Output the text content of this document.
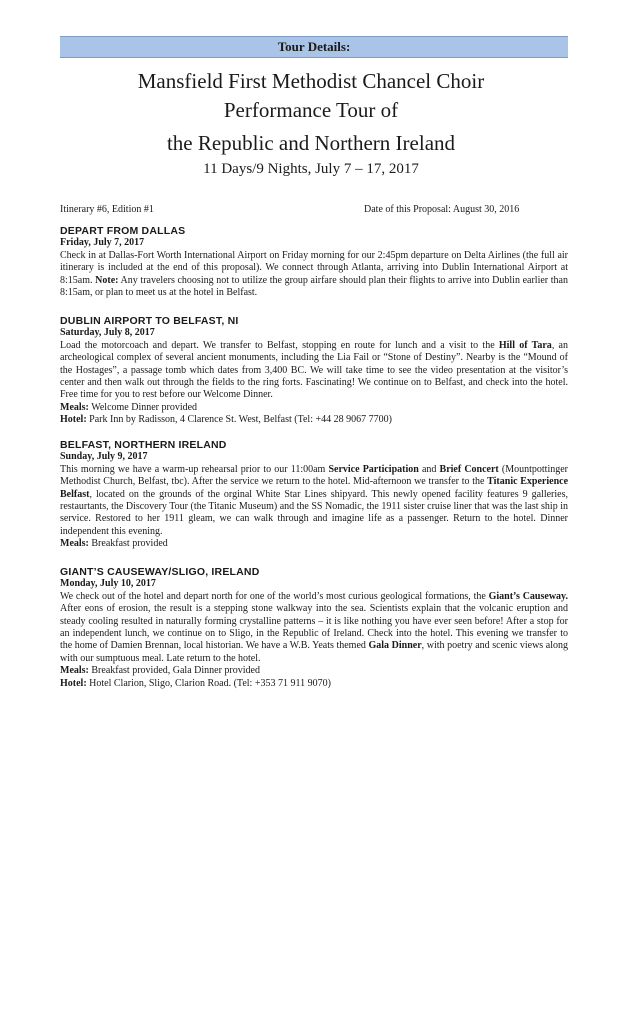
Tour Details:
Mansfield First Methodist Chancel Choir
Performance Tour of
the Republic and Northern Ireland
11 Days/9 Nights, July 7 – 17, 2017
Itinerary #6, Edition #1	Date of this Proposal: August 30, 2016
DEPART FROM DALLAS
Friday, July 7, 2017

Check in at Dallas-Fort Worth International Airport on Friday morning for our 2:45pm departure on Delta Airlines (the full air itinerary is included at the end of this proposal). We connect through Atlanta, arriving into Dublin International Airport at 8:15am. Note: Any travelers choosing not to utilize the group airfare should plan their flights to arrive into Dublin earlier than 8:15am, or plan to meet us at the hotel in Belfast.

DUBLIN AIRPORT TO BELFAST, NI
Saturday, July 8, 2017

Load the motorcoach and depart. We transfer to Belfast, stopping en route for lunch and a visit to the Hill of Tara, an archeological complex of several ancient monuments, including the Lia Fail or “Stone of Destiny”. Nearby is the “Mound of the Hostages”, a passage tomb which dates from 3,400 BC. We will take time to see the video presentation at the visitor’s center and then walk out through the fields to the ring forts. Fascinating! We continue on to Belfast, and check into the hotel. Free time for you to rest before our Welcome Dinner.

Meals: Welcome Dinner provided
Hotel: Park Inn by Radisson, 4 Clarence St. West, Belfast (Tel: +44 28 9067 7700)
BELFAST, NORTHERN IRELAND
Sunday, July 9, 2017

This morning we have a warm-up rehearsal prior to our 11:00am Service Participation and Brief Concert (Mountpottinger Methodist Church, Belfast, tbc). After the service we return to the hotel. Mid-afternoon we transfer to the Titanic Experience Belfast, located on the grounds of the orginal White Star Lines shipyard. This newly opened facility features 9 galleries, restaurtants, the Discovery Tour (the Titanic Museum) and the SS Nomadic, the 1911 sister cruise liner that was the last ship in service. Restored to her 1911 gleam, we can walk through and imagine life as a passenger. Return to the hotel. Dinner independent this evening.

Meals: Breakfast provided
GIANT’S CAUSEWAY/SLIGO, IRELAND
Monday, July 10, 2017

We check out of the hotel and depart north for one of the world’s most curious geological formations, the Giant’s Causeway. After eons of erosion, the result is a stepping stone walkway into the sea. Scientists explain that the volcanic eruption and steady cooling resulted in naturally forming crystalline patterns – it is like nothing you have ever seen before! After a stop for an independent lunch, we continue on to Sligo, in the Republic of Ireland. Check into the hotel. This evening we transfer to the home of Damien Brennan, local historian. We have a W.B. Yeats themed Gala Dinner, with poetry and scenic views along with our sumptuous meal. Late return to the hotel.

Meals: Breakfast provided, Gala Dinner provided
Hotel: Hotel Clarion, Sligo, Clarion Road. (Tel: +353 71 911 9070)
